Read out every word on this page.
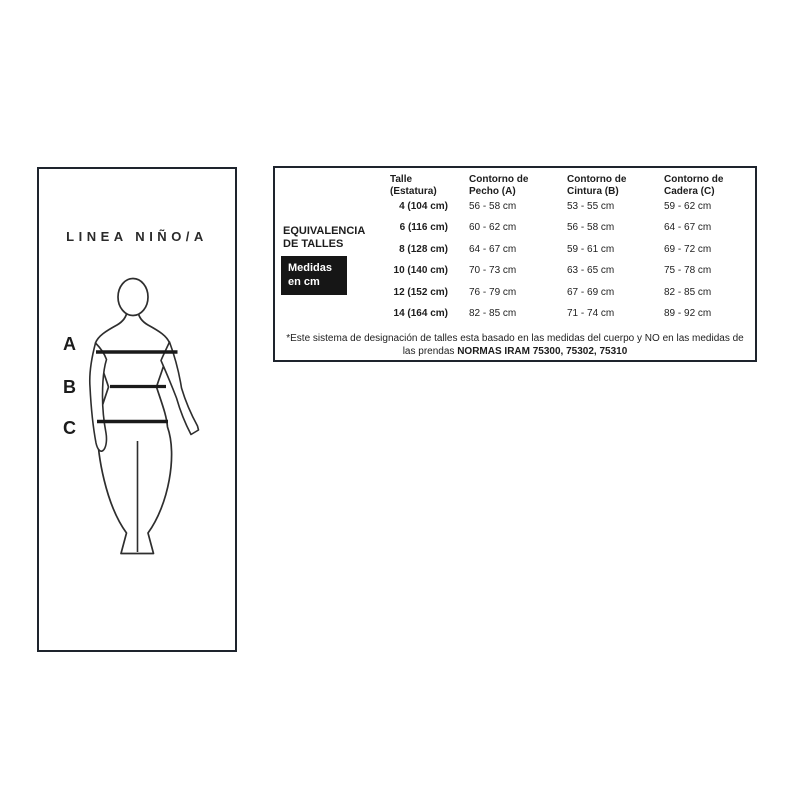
LINEA NIÑO/A
A
B
C
EQUIVALENCIA
DE TALLES
Medidas
en cm
Talle
(Estatura)
Contorno de
Pecho (A)
Contorno de
Cintura (B)
Contorno de
Cadera (C)
4 (104 cm)	56 - 58 cm	53 - 55 cm	59 - 62 cm
6 (116 cm)	60 - 62 cm	56 - 58 cm	64 - 67 cm
8 (128 cm)	64 - 67 cm	59 - 61 cm	69 - 72 cm
10 (140 cm)	70 - 73 cm	63 - 65 cm	75 - 78 cm
12 (152 cm)	76 - 79 cm	67 - 69 cm	82 - 85 cm
14 (164 cm)	82 - 85 cm	71 - 74 cm	89 - 92 cm
*Este sistema de designación de talles esta basado en las medidas del cuerpo y NO en las medidas de
las prendas NORMAS IRAM 75300, 75302, 75310
